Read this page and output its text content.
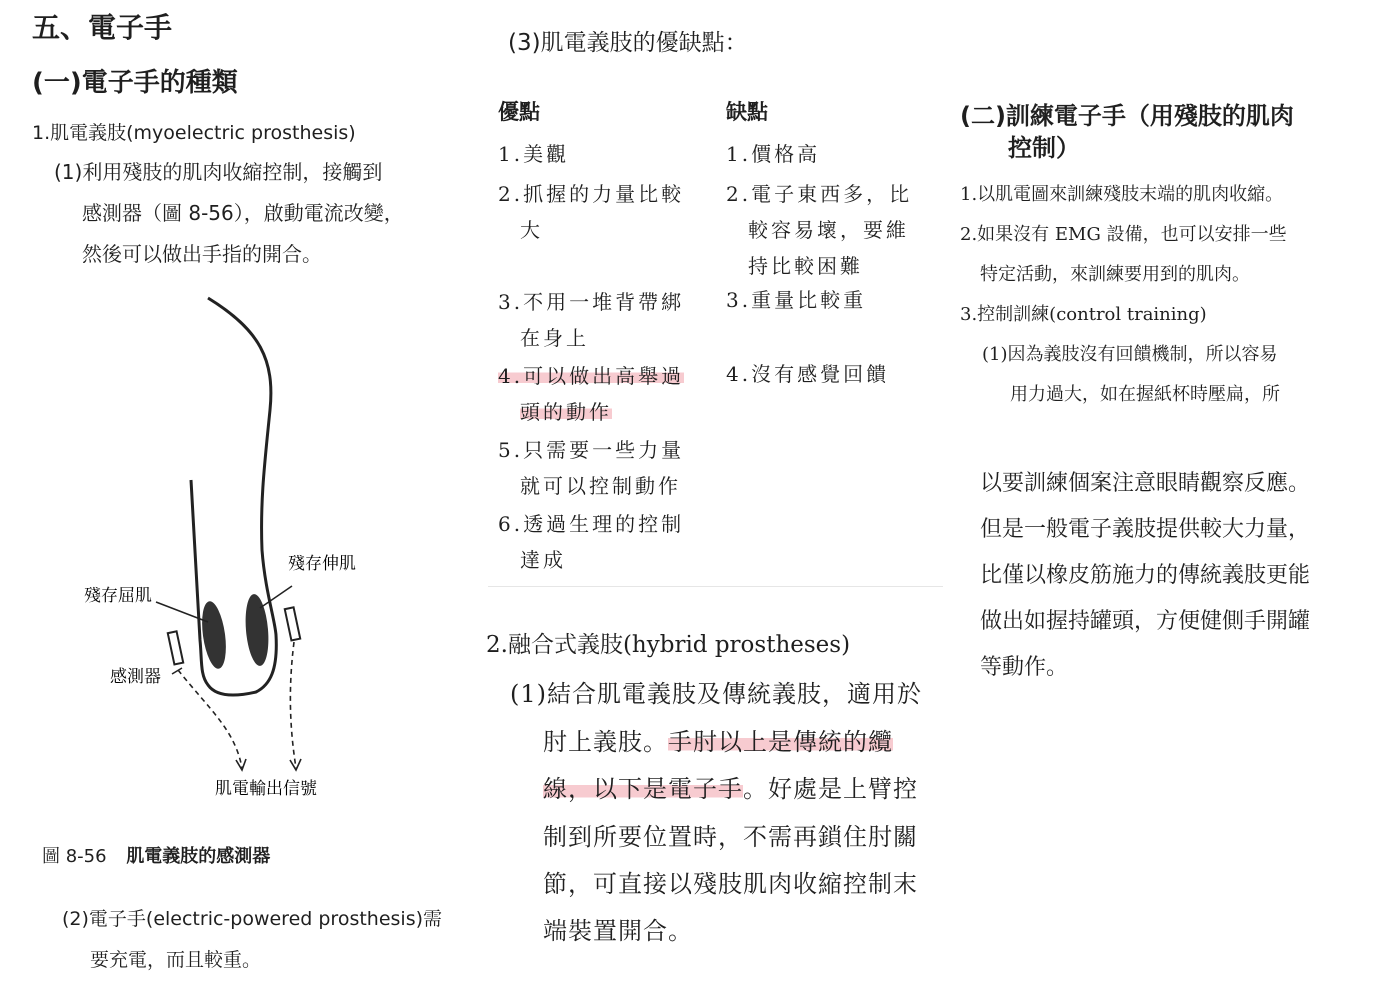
五、電子手
(一)電子手的種類
1.肌電義肢(myoelectric prosthesis)
(1)利用殘肢的肌肉收縮控制，接觸到
感測器（圖 8-56），啟動電流改變，
然後可以做出手指的開合。
殘存伸肌
殘存屈肌
感測器
肌電輸出信號
圖 8-56 肌電義肢的感測器
(2)電子手(electric-powered prosthesis)需
要充電，而且較重。
(3)肌電義肢的優缺點：
優點	缺點
1.美觀
2.抓握的力量比較
大
3.不用一堆背帶綁
在身上
4.可以做出高舉過
頭的動作
5.只需要一些力量
就可以控制動作
6.透過生理的控制
達成
1.價格高
2.電子東西多，比
較容易壞，要維
持比較困難
3.重量比較重
4.沒有感覺回饋
2.融合式義肢(hybrid prostheses)
(1)結合肌電義肢及傳統義肢，適用於
肘上義肢。手肘以上是傳統的纜
線，以下是電子手。好處是上臂控
制到所要位置時，不需再鎖住肘關
節，可直接以殘肢肌肉收縮控制末
端裝置開合。
(二)訓練電子手（用殘肢的肌肉
控制）
1.以肌電圖來訓練殘肢末端的肌肉收縮。
2.如果沒有 EMG 設備，也可以安排一些
特定活動，來訓練要用到的肌肉。
3.控制訓練(control training)
(1)因為義肢沒有回饋機制，所以容易
用力過大，如在握紙杯時壓扁，所
以要訓練個案注意眼睛觀察反應。
但是一般電子義肢提供較大力量，
比僅以橡皮筋施力的傳統義肢更能
做出如握持罐頭，方便健側手開罐
等動作。
